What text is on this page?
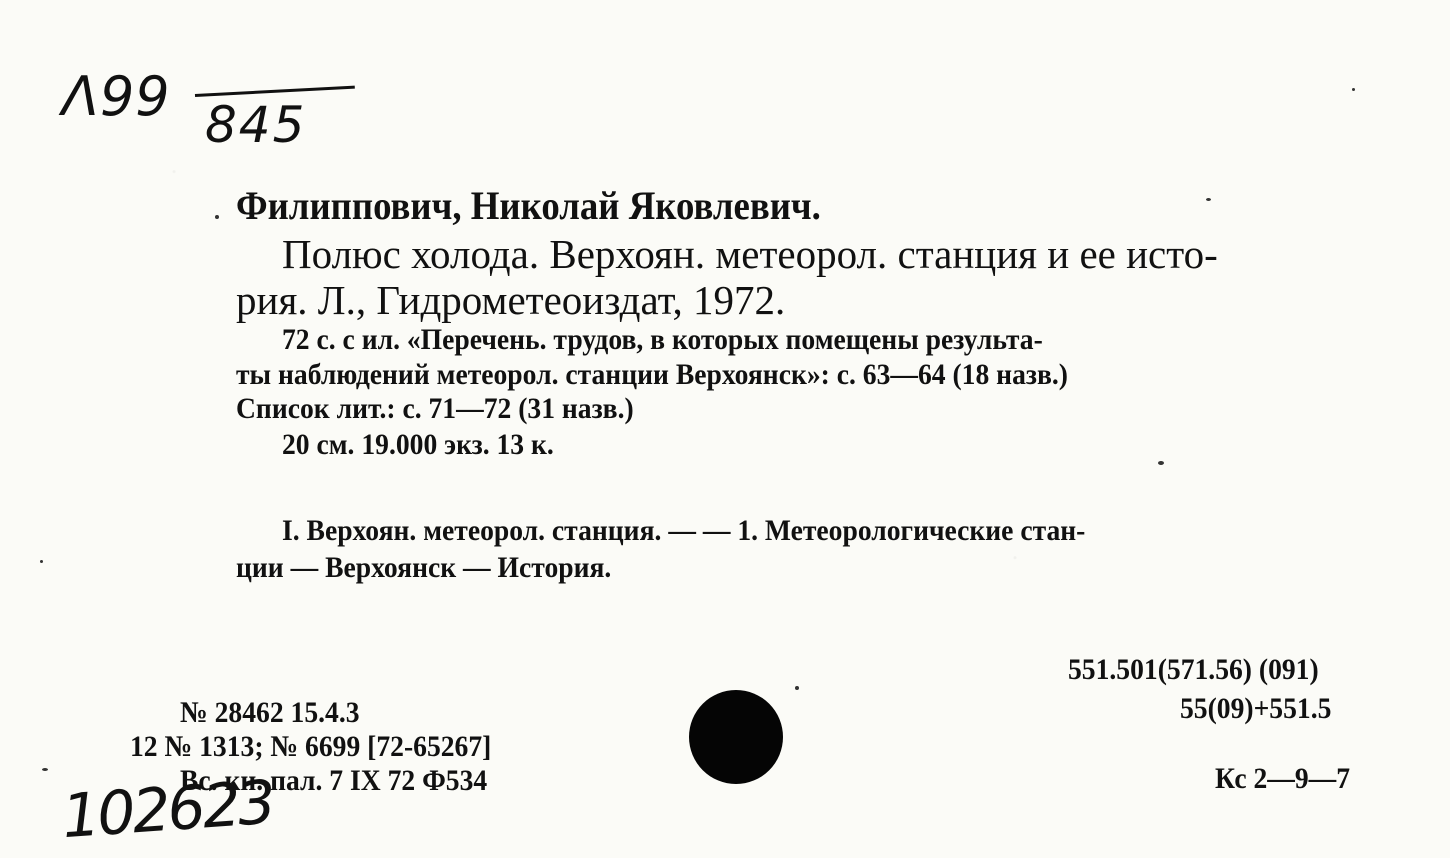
Λ99 845
Филиппович, Николай Яковлевич.
Полюс холода. Верхоян. метеорол. станция и ее исто-
рия. Л., Гидрометеоиздат, 1972.
72 с. с ил. «Перечень. трудов, в которых помещены результа-
ты наблюдений метеорол. станции Верхоянск»: с. 63—64 (18 назв.)
Список лит.: с. 71—72 (31 назв.)
20 см. 19.000 экз. 13 к.
I. Верхоян. метеорол. станция. — — 1. Метеорологические стан-
ции — Верхоянск — История.
№ 28462 15.4.3
12 № 1313; № 6699 [72-65267]
Вс. кн. пал. 7 IX 72 Ф534
551.501(571.56) (091)
55(09)+551.5
Кс 2—9—7
102623
